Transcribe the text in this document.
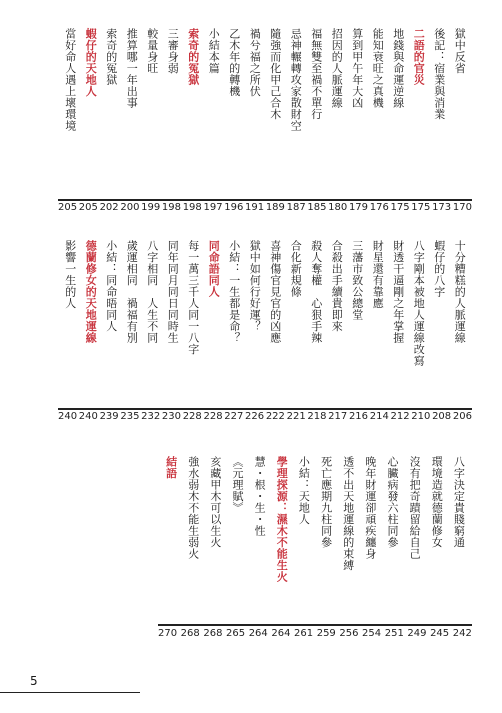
獄中反省
後記：宿業與消業
二語的官災
地錢與命運逆線
能知衰旺之真機
算到甲午年大凶
招因的人脈運線
福無雙至禍不單行
忌神輾轉攻家散財空
隨強而化甲己合木
禍兮福之所伏
乙木年的轉機
小結本篇
索奇的冤獄
三審身弱
較量身旺
推算哪一年出事
索奇的冤獄
蝦仔的天地人
當好命人遇上壞環境
205 205 202 200 199 198 198 197 196 191 189 187 185 180 179 176 175 175 173 170
十分糟糕的人脈運線
蝦仔的八字
八字剛本被地人運線改寫
財透干逼剛之年掌握
財星還有靠應
三藩市致公總堂
合殺出手續貴即來
殺人奪權　心狠手辣
合化新規條
喜神傷官見官的凶應
獄中如何行好運？
小結：一生都是命？
同命語同人
每一萬三千人同一八字
同年同月同日同時生
八字相同　人生不同
歲運相同　禍福有別
小結：同命晤同人
德蘭修女的天地運線
影響一生的人
240 240 239 235 232 230 228 228 227 226 222 221 218 217 216 214 212 210 208 206
八字決定貴賤窮通
環境造就德蘭修女
沒有把奇蹟留給自己
心臟病發六柱同參
晚年財運卻頑疾纏身
透不出天地運線的束縛
死亡應期九柱同參
小結：天地人
學理探源：濕木不能生火
慧・根・生・性
《元理賦》
亥藏甲木可以生火
強水弱木不能生弱火
結語
270 268 268 265 264 264 261 259 256 254 251 249 245 242
5
